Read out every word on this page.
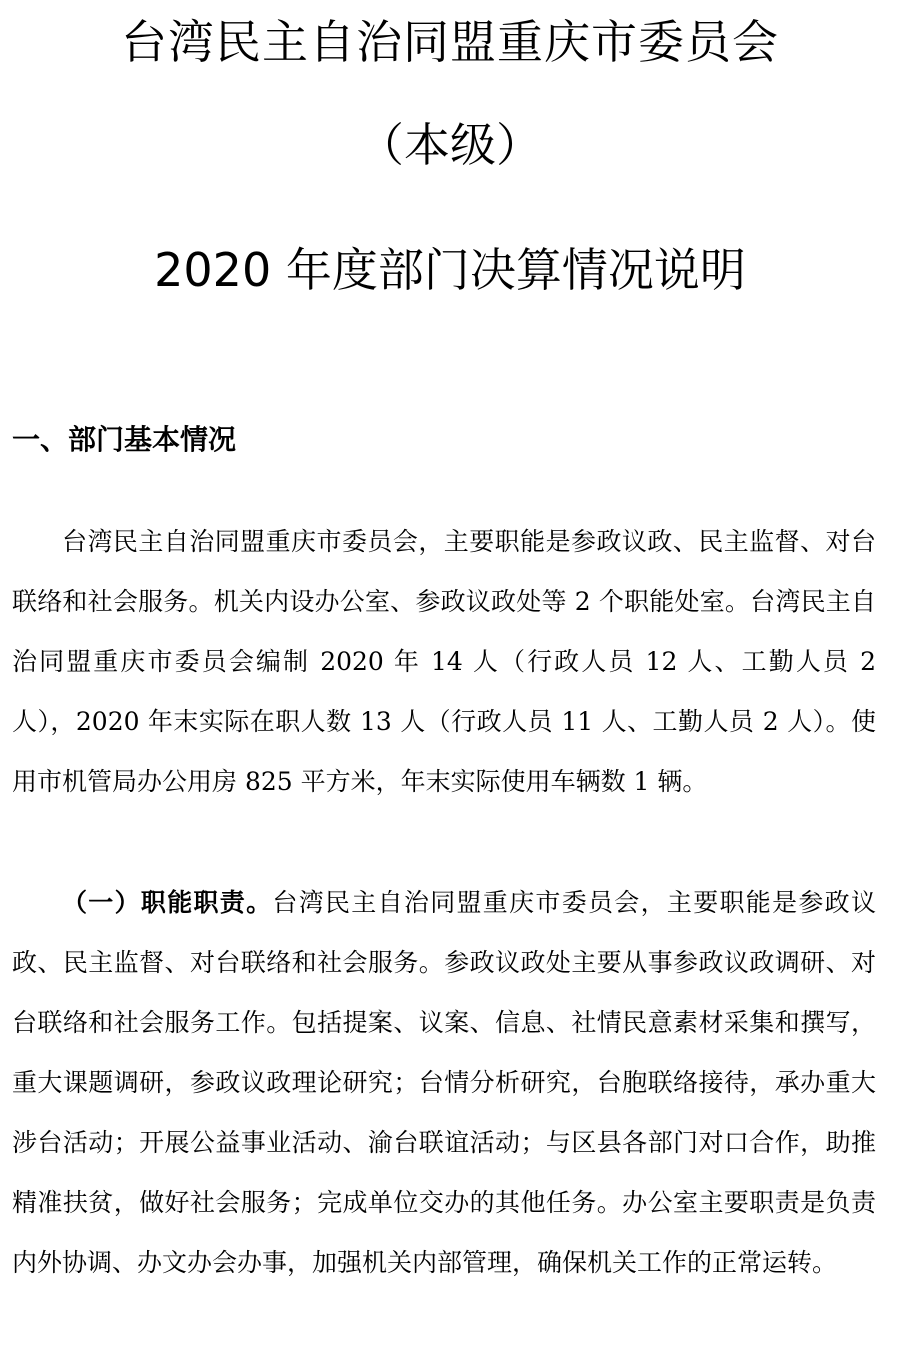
台湾民主自治同盟重庆市委员会
（本级）
2020 年度部门决算情况说明
一、部门基本情况

台湾民主自治同盟重庆市委员会，主要职能是参政议政、民主监督、对台联络和社会服务。机关内设办公室、参政议政处等 2 个职能处室。台湾民主自治同盟重庆市委员会编制 2020 年 14 人（行政人员 12 人、工勤人员 2 人），2020 年末实际在职人数 13 人（行政人员 11 人、工勤人员 2 人）。使用市机管局办公用房 825 平方米，年末实际使用车辆数 1 辆。

（一）职能职责。台湾民主自治同盟重庆市委员会，主要职能是参政议政、民主监督、对台联络和社会服务。参政议政处主要从事参政议政调研、对台联络和社会服务工作。包括提案、议案、信息、社情民意素材采集和撰写，重大课题调研，参政议政理论研究；台情分析研究，台胞联络接待，承办重大涉台活动；开展公益事业活动、渝台联谊活动；与区县各部门对口合作，助推精准扶贫，做好社会服务；完成单位交办的其他任务。办公室主要职责是负责内外协调、办文办会办事，加强机关内部管理，确保机关工作的正常运转。
